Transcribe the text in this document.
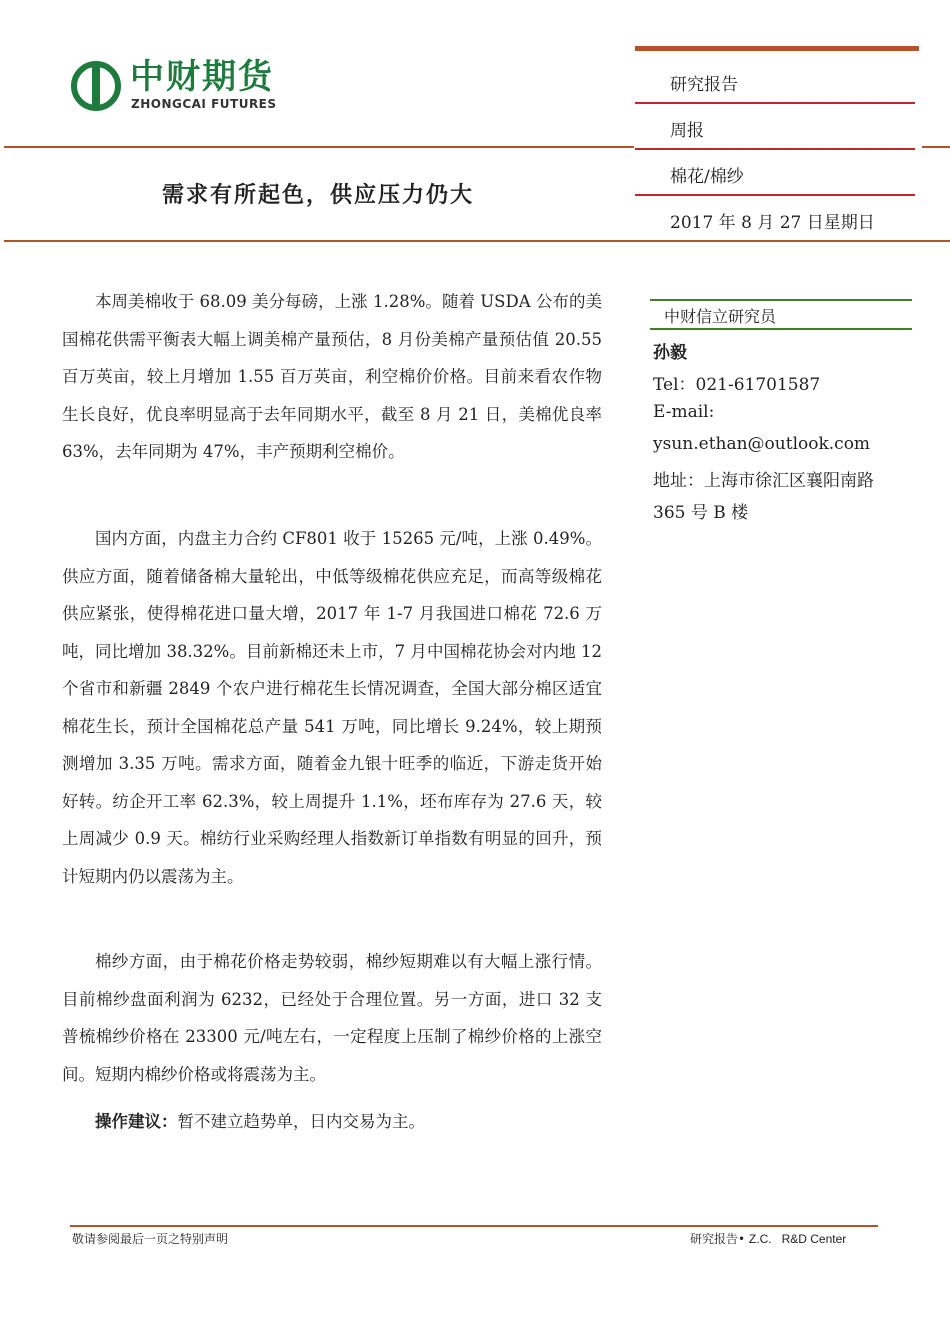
中财期货
ZHONGCAI FUTURES
研究报告
周报
棉花/棉纱
2017 年 8 月 27 日星期日
需求有所起色，供应压力仍大

本周美棉收于 68.09 美分每磅，上涨 1.28%。随着 USDA 公布的美国棉花供需平衡表大幅上调美棉产量预估，8 月份美棉产量预估值 20.55 百万英亩，较上月增加 1.55 百万英亩，利空棉价价格。目前来看农作物生长良好，优良率明显高于去年同期水平，截至 8 月 21 日，美棉优良率 63%，去年同期为 47%，丰产预期利空棉价。

国内方面，内盘主力合约 CF801 收于 15265 元/吨，上涨 0.49%。供应方面，随着储备棉大量轮出，中低等级棉花供应充足，而高等级棉花供应紧张，使得棉花进口量大增，2017 年 1-7 月我国进口棉花 72.6 万吨，同比增加 38.32%。目前新棉还未上市，7 月中国棉花协会对内地 12 个省市和新疆 2849 个农户进行棉花生长情况调查，全国大部分棉区适宜棉花生长，预计全国棉花总产量 541 万吨，同比增长 9.24%，较上期预测增加 3.35 万吨。需求方面，随着金九银十旺季的临近，下游走货开始好转。纺企开工率 62.3%，较上周提升 1.1%，坯布库存为 27.6 天，较上周减少 0.9 天。棉纺行业采购经理人指数新订单指数有明显的回升，预计短期内仍以震荡为主。

棉纱方面，由于棉花价格走势较弱，棉纱短期难以有大幅上涨行情。目前棉纱盘面利润为 6232，已经处于合理位置。另一方面，进口 32 支普梳棉纱价格在 23300 元/吨左右，一定程度上压制了棉纱价格的上涨空间。短期内棉纱价格或将震荡为主。

操作建议：暂不建立趋势单，日内交易为主。
中财信立研究员
孙毅
Tel：021-61701587
E-mail:
ysun.ethan@outlook.com
地址：上海市徐汇区襄阳南路
365 号 B 楼
敬请参阅最后一页之特别声明	研究报告• Z.C.   R&D Center
